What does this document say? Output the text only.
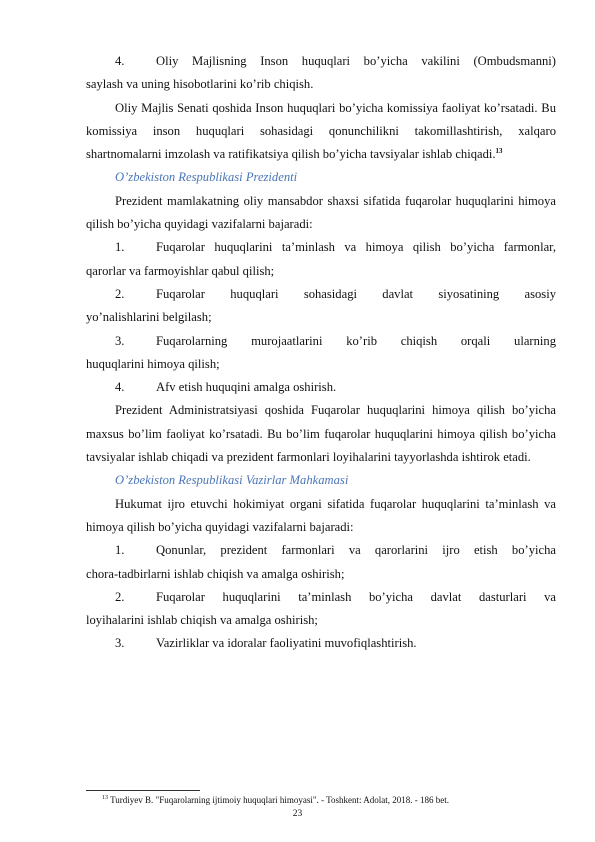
4.	Oliy Majlisning Inson huquqlari bo’yicha vakilini (Ombudsmanni)
saylash va uning hisobotlarini ko’rib chiqish.

Oliy Majlis Senati qoshida Inson huquqlari bo’yicha komissiya faoliyat ko’rsatadi. Bu komissiya inson huquqlari sohasidagi qonunchilikni takomillashtirish, xalqaro shartnomalarni imzolash va ratifikatsiya qilish bo’yicha tavsiyalar ishlab chiqadi.$^{13}$

O’zbekiston Respublikasi Prezidenti

Prezident mamlakatning oliy mansabdor shaxsi sifatida fuqarolar huquqlarini himoya qilish bo’yicha quyidagi vazifalarni bajaradi:

1.	Fuqarolar huquqlarini ta’minlash va himoya qilish bo’yicha farmonlar,
qarorlar va farmoyishlar qabul qilish;
2.	Fuqarolar huquqlari sohasidagi davlat siyosatining asosiy
yo’nalishlarini belgilash;
3.	Fuqarolarning murojaatlarini ko’rib chiqish orqali ularning
huquqlarini himoya qilish;
4.	Afv etish huquqini amalga oshirish.

Prezident Administratsiyasi qoshida Fuqarolar huquqlarini himoya qilish bo’yicha maxsus bo’lim faoliyat ko’rsatadi. Bu bo’lim fuqarolar huquqlarini himoya qilish bo’yicha tavsiyalar ishlab chiqadi va prezident farmonlari loyihalarini tayyorlashda ishtirok etadi.

O’zbekiston Respublikasi Vazirlar Mahkamasi

Hukumat ijro etuvchi hokimiyat organi sifatida fuqarolar huquqlarini ta’minlash va himoya qilish bo’yicha quyidagi vazifalarni bajaradi:

1.	Qonunlar, prezident farmonlari va qarorlarini ijro etish bo’yicha
chora-tadbirlarni ishlab chiqish va amalga oshirish;
2.	Fuqarolar huquqlarini ta’minlash bo’yicha davlat dasturlari va
loyihalarini ishlab chiqish va amalga oshirish;
3.	Vazirliklar va idoralar faoliyatini muvofiqlashtirish.
$^{13}$ Turdiyev B. "Fuqarolarning ijtimoiy huquqlari himoyasi". - Toshkent: Adolat, 2018. - 186 bet.
23
